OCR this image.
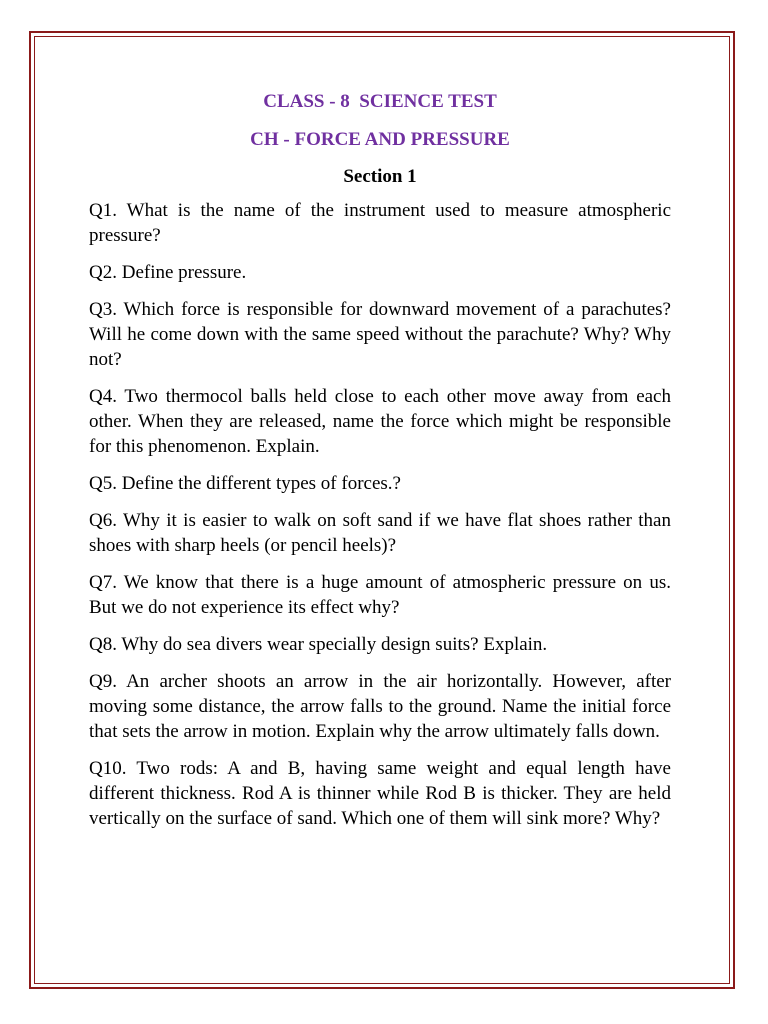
CLASS - 8  SCIENCE TEST
CH - FORCE AND PRESSURE
Section 1

Q1. What is the name of the instrument used to measure atmospheric pressure?

Q2. Define pressure.

Q3. Which force is responsible for downward movement of a parachutes? Will he come down with the same speed without the parachute? Why? Why not?

Q4. Two thermocol balls held close to each other move away from each other. When they are released, name the force which might be responsible for this phenomenon. Explain.

Q5. Define the different types of forces.?

Q6. Why it is easier to walk on soft sand if we have flat shoes rather than shoes with sharp heels (or pencil heels)?

Q7. We know that there is a huge amount of atmospheric pressure on us. But we do not experience its effect why?

Q8. Why do sea divers wear specially design suits? Explain.

Q9. An archer shoots an arrow in the air horizontally. However, after moving some distance, the arrow falls to the ground. Name the initial force that sets the arrow in motion. Explain why the arrow ultimately falls down.

Q10. Two rods: A and B, having same weight and equal length have different thickness. Rod A is thinner while Rod B is thicker. They are held vertically on the surface of sand. Which one of them will sink more? Why?
